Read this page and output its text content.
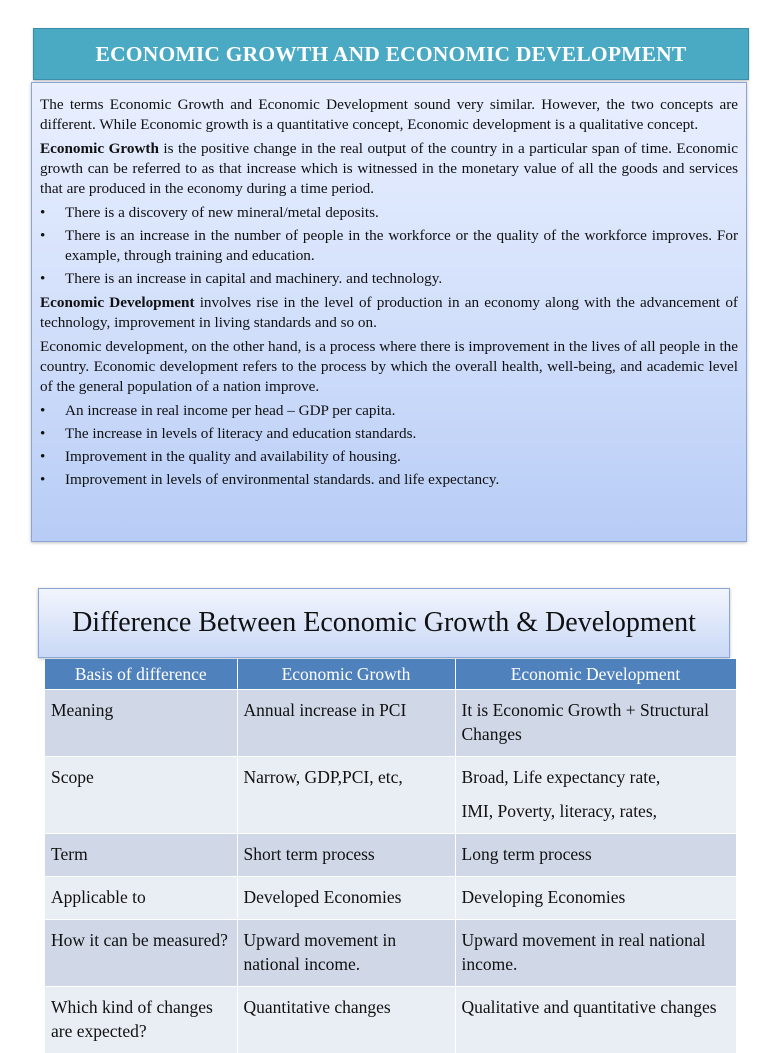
ECONOMIC GROWTH AND ECONOMIC DEVELOPMENT

The terms Economic Growth and Economic Development sound very similar. However, the two concepts are different. While Economic growth is a quantitative concept, Economic development is a qualitative concept.

Economic Growth is the positive change in the real output of the country in a particular span of time. Economic growth can be referred to as that increase which is witnessed in the monetary value of all the goods and services that are produced in the economy during a time period.

• There is a discovery of new mineral/metal deposits.
• There is an increase in the number of people in the workforce or the quality of the workforce improves. For example, through training and education.
• There is an increase in capital and machinery. and technology.

Economic Development involves rise in the level of production in an economy along with the advancement of technology, improvement in living standards and so on.

Economic development, on the other hand, is a process where there is improvement in the lives of all people in the country. Economic development refers to the process by which the overall health, well-being, and academic level of the general population of a nation improve.

• An increase in real income per head – GDP per capita.
• The increase in levels of literacy and education standards.
• Improvement in the quality and availability of housing.
• Improvement in levels of environmental standards. and life expectancy.
Difference Between Economic Growth & Development
Basis of difference	Economic Growth	Economic Development
Meaning	Annual increase in PCI	It is Economic Growth + Structural Changes

Scope	Narrow, GDP,PCI, etc,	Broad, Life expectancy rate,
IMI, Poverty, literacy, rates,

Term	Short term process	Long term process

Applicable to	Developed Economies	Developing Economies

How it can be measured?	Upward movement in national income.	Upward movement in real national income.

Which kind of changes are expected?	Quantitative changes	Qualitative and quantitative changes
